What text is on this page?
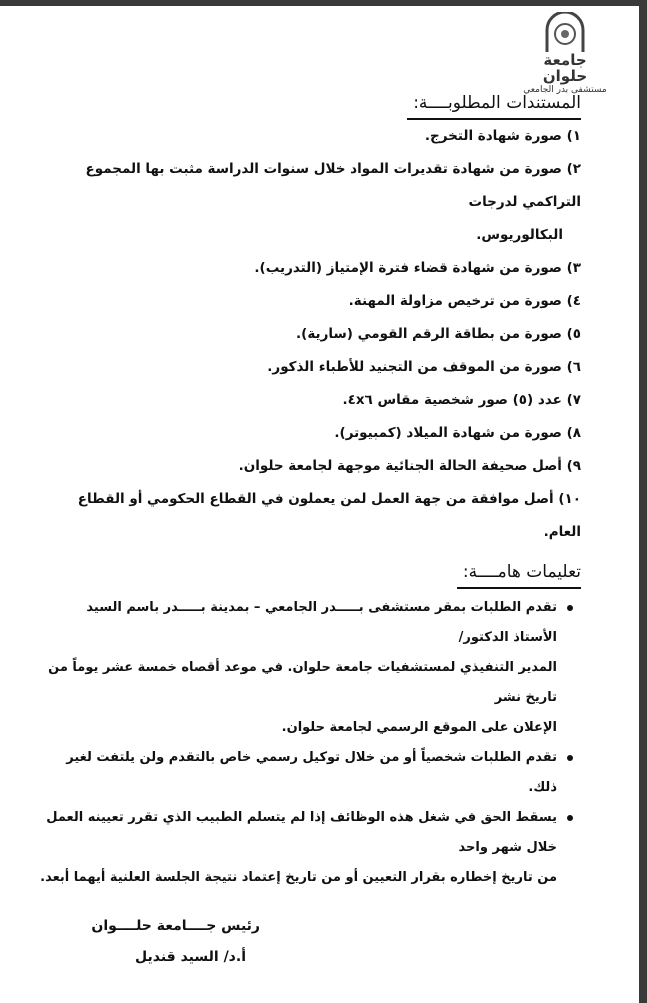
جامعة حلوان
مستشفى بدر الجامعي
المستندات المطلوبــــة:
١) صورة شهادة التخرج.
٢) صورة من شهادة تقديرات المواد خلال سنوات الدراسة مثبت بها المجموع التراكمي لدرجات
البكالوريوس.
٣) صورة من شهادة قضاء فترة الإمتياز (التدريب).
٤) صورة من ترخيص مزاولة المهنة.
٥) صورة من بطاقة الرقم القومي (سارية).
٦) صورة من الموقف من التجنيد للأطباء الذكور.
٧) عدد (٥) صور شخصية مقاس ٤x٦.
٨) صورة من شهادة الميلاد (كمبيوتر).
٩) أصل صحيفة الحالة الجنائية موجهة لجامعة حلوان.
١٠) أصل موافقة من جهة العمل لمن يعملون في القطاع الحكومي أو القطاع العام.
تعليمات هامــــة:
تقدم الطلبات بمقر مستشفى بـــــدر الجامعي – بمدينة بـــــدر باسم السيد الأستاذ الدكتور/
المدير التنفيذي لمستشفيات جامعة حلوان. في موعد أقصاه خمسة عشر يوماً من تاريخ نشر
الإعلان على الموقع الرسمي لجامعة حلوان.
تقدم الطلبات شخصياً أو من خلال توكيل رسمي خاص بالتقدم ولن يلتفت لغير ذلك.
يسقط الحق في شغل هذه الوظائف إذا لم يتسلم الطبيب الذي تقرر تعيينه العمل خلال شهر واحد
من تاريخ إخطاره بقرار التعيين أو من تاريخ إعتماد نتيجة الجلسة العلنية أيهما أبعد.
رئيس جــــامعة حلــــوان
أ.د/ السيد قنديل
